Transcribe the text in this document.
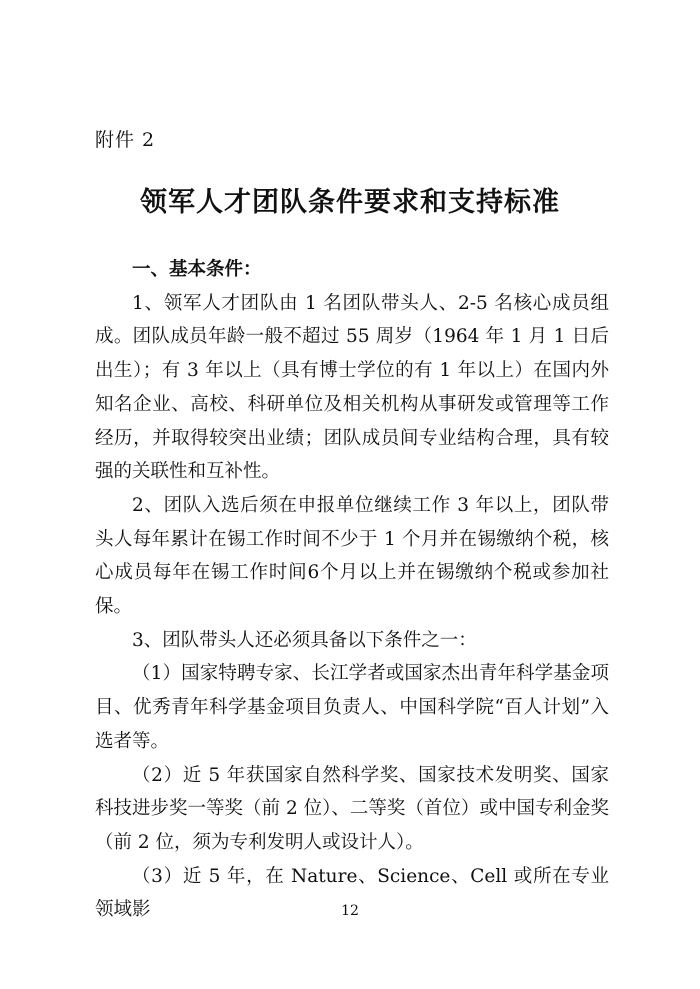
附件 2
领军人才团队条件要求和支持标准

一、基本条件：

1、领军人才团队由 1 名团队带头人、2-5 名核心成员组成。团队成员年龄一般不超过 55 周岁（1964 年 1 月 1 日后出生）；有 3 年以上（具有博士学位的有 1 年以上）在国内外知名企业、高校、科研单位及相关机构从事研发或管理等工作经历，并取得较突出业绩；团队成员间专业结构合理，具有较强的关联性和互补性。

2、团队入选后须在申报单位继续工作 3 年以上，团队带头人每年累计在锡工作时间不少于 1 个月并在锡缴纳个税，核心成员每年在锡工作时间6个月以上并在锡缴纳个税或参加社保。

3、团队带头人还必须具备以下条件之一：

（1）国家特聘专家、长江学者或国家杰出青年科学基金项目、优秀青年科学基金项目负责人、中国科学院“百人计划”入选者等。

（2）近 5 年获国家自然科学奖、国家技术发明奖、国家科技进步奖一等奖（前 2 位）、二等奖（首位）或中国专利金奖（前 2 位，须为专利发明人或设计人）。

（3）近 5 年，在 Nature、Science、Cell 或所在专业领域影	12
